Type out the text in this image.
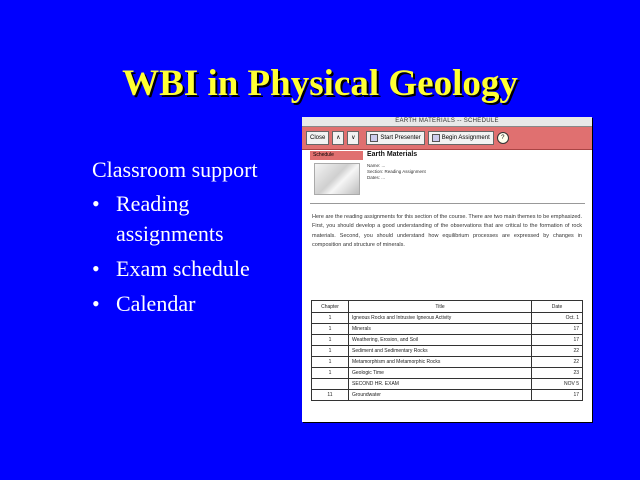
WBI in Physical Geology
Classroom support
• Reading assignments
• Exam schedule
• Calendar
EARTH MATERIALS -- SCHEDULE
Close	∧ ∨	Start Presenter	Begin Assignment	?
Schedule	Earth Materials
Name: ...
Section: Reading Assignment
Dates: ...
Here are the reading assignments for this section of the course. There are two main themes to be emphasized. First, you should develop a good understanding of the observations that are critical to the formation of rock materials. Second, you should understand how equilibrium processes are expressed by changes in composition and structure of minerals.
Chapter	Title	Date
1	Igneous Rocks and Intrusive Igneous Activity	Oct. 1
1	Minerals	17
1	Weathering, Erosion, and Soil	17
1	Sediment and Sedimentary Rocks	22
1	Metamorphism and Metamorphic Rocks	22
1	Geologic Time	23
	SECOND HR. EXAM	NOV 5
11	Groundwater	17
